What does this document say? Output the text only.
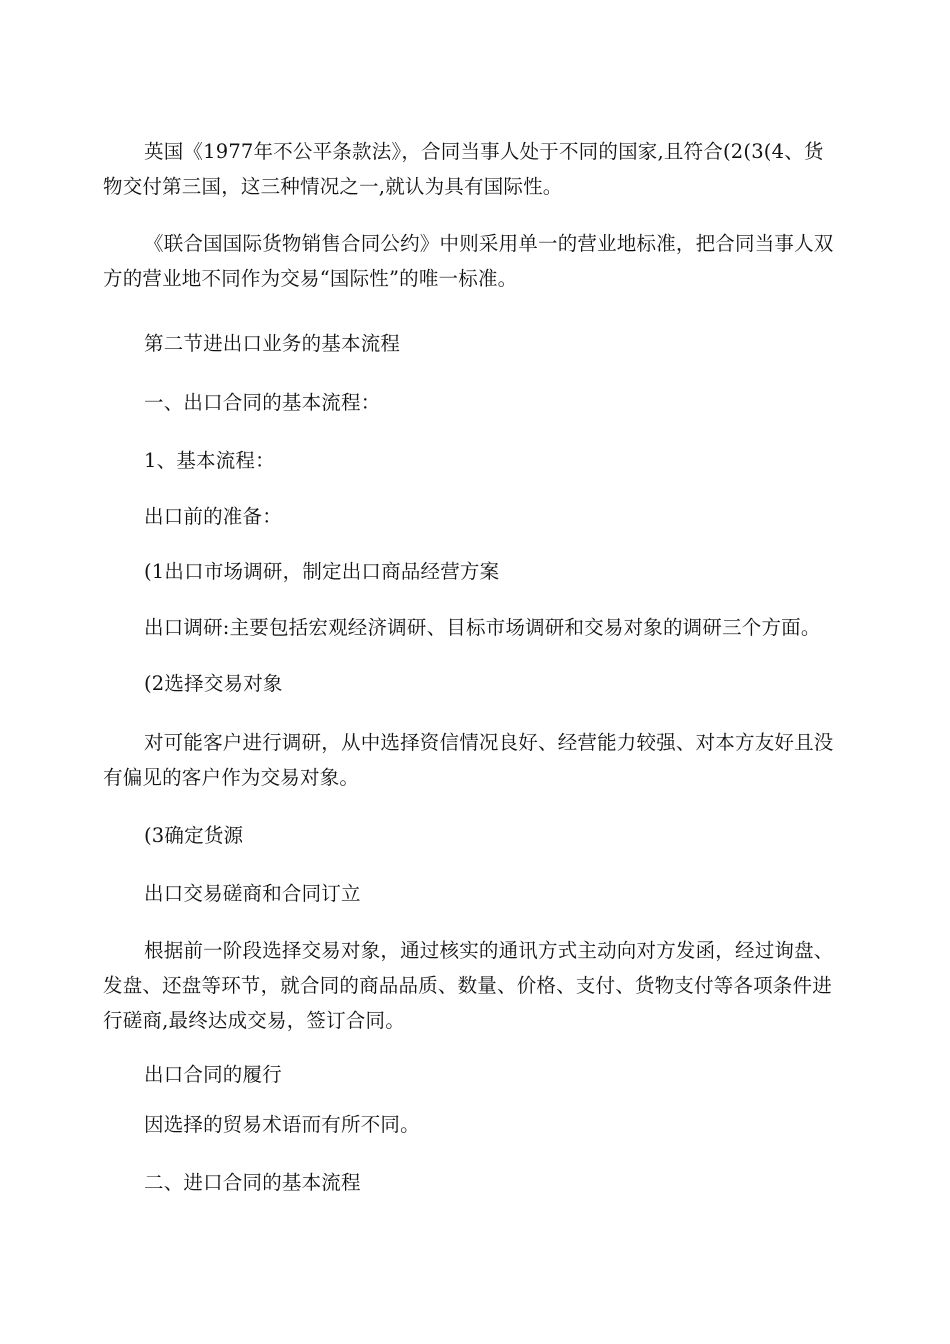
英国《1977年不公平条款法》，合同当事人处于不同的国家,且符合(2(3(4、货物交付第三国，这三种情况之一,就认为具有国际性。

《联合国国际货物销售合同公约》中则采用单一的营业地标准，把合同当事人双方的营业地不同作为交易“国际性”的唯一标准。

第二节进出口业务的基本流程

一、出口合同的基本流程：

1、基本流程：

出口前的准备：

(1出口市场调研，制定出口商品经营方案

出口调研:主要包括宏观经济调研、目标市场调研和交易对象的调研三个方面。

(2选择交易对象

对可能客户进行调研，从中选择资信情况良好、经营能力较强、对本方友好且没有偏见的客户作为交易对象。

(3确定货源

出口交易磋商和合同订立

根据前一阶段选择交易对象，通过核实的通讯方式主动向对方发函，经过询盘、发盘、还盘等环节，就合同的商品品质、数量、价格、支付、货物支付等各项条件进行磋商,最终达成交易，签订合同。

出口合同的履行

因选择的贸易术语而有所不同。

二、进口合同的基本流程
